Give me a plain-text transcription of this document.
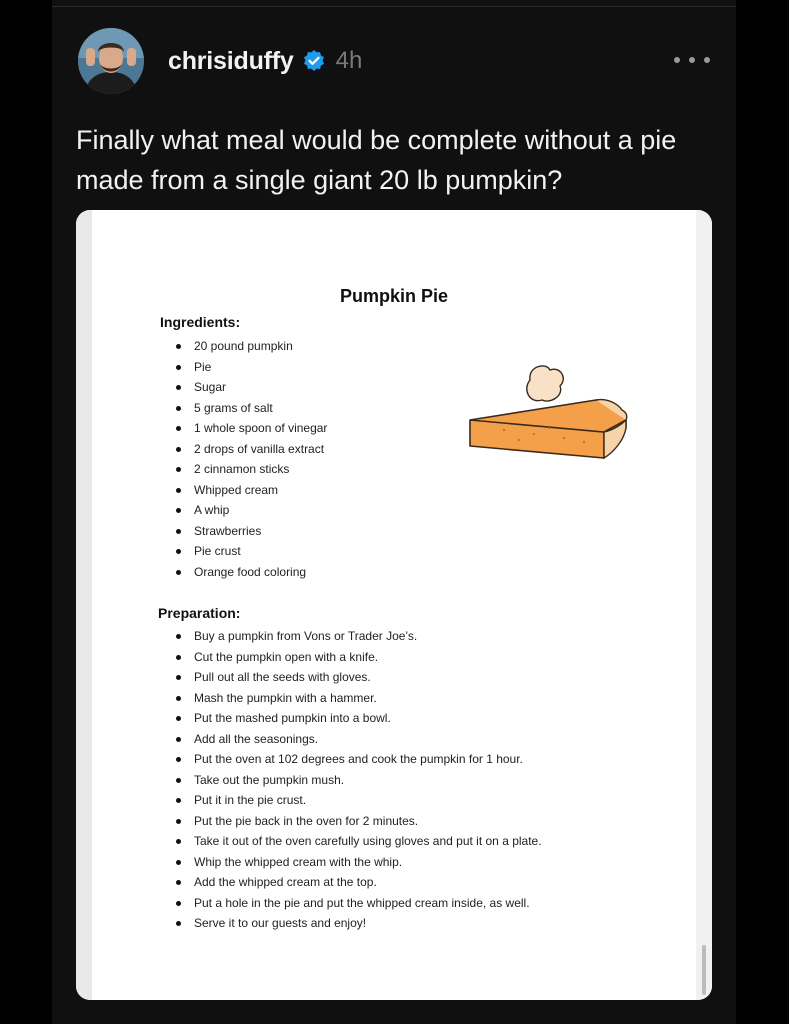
chrisiduffy 4h
Finally what meal would be complete without a pie made from a single giant 20 lb pumpkin?
Pumpkin Pie
Ingredients:
20 pound pumpkin
Pie
Sugar
5 grams of salt
1 whole spoon of vinegar
2 drops of vanilla extract
2 cinnamon sticks
Whipped cream
A whip
Strawberries
Pie crust
Orange food coloring
Preparation:
Buy a pumpkin from Vons or Trader Joe’s.
Cut the pumpkin open with a knife.
Pull out all the seeds with gloves.
Mash the pumpkin with a hammer.
Put the mashed pumpkin into a bowl.
Add all the seasonings.
Put the oven at 102 degrees and cook the pumpkin for 1 hour.
Take out the pumpkin mush.
Put it in the pie crust.
Put the pie back in the oven for 2 minutes.
Take it out of the oven carefully using gloves and put it on a plate.
Whip the whipped cream with the whip.
Add the whipped cream at the top.
Put a hole in the pie and put the whipped cream inside, as well.
Serve it to our guests and enjoy!
